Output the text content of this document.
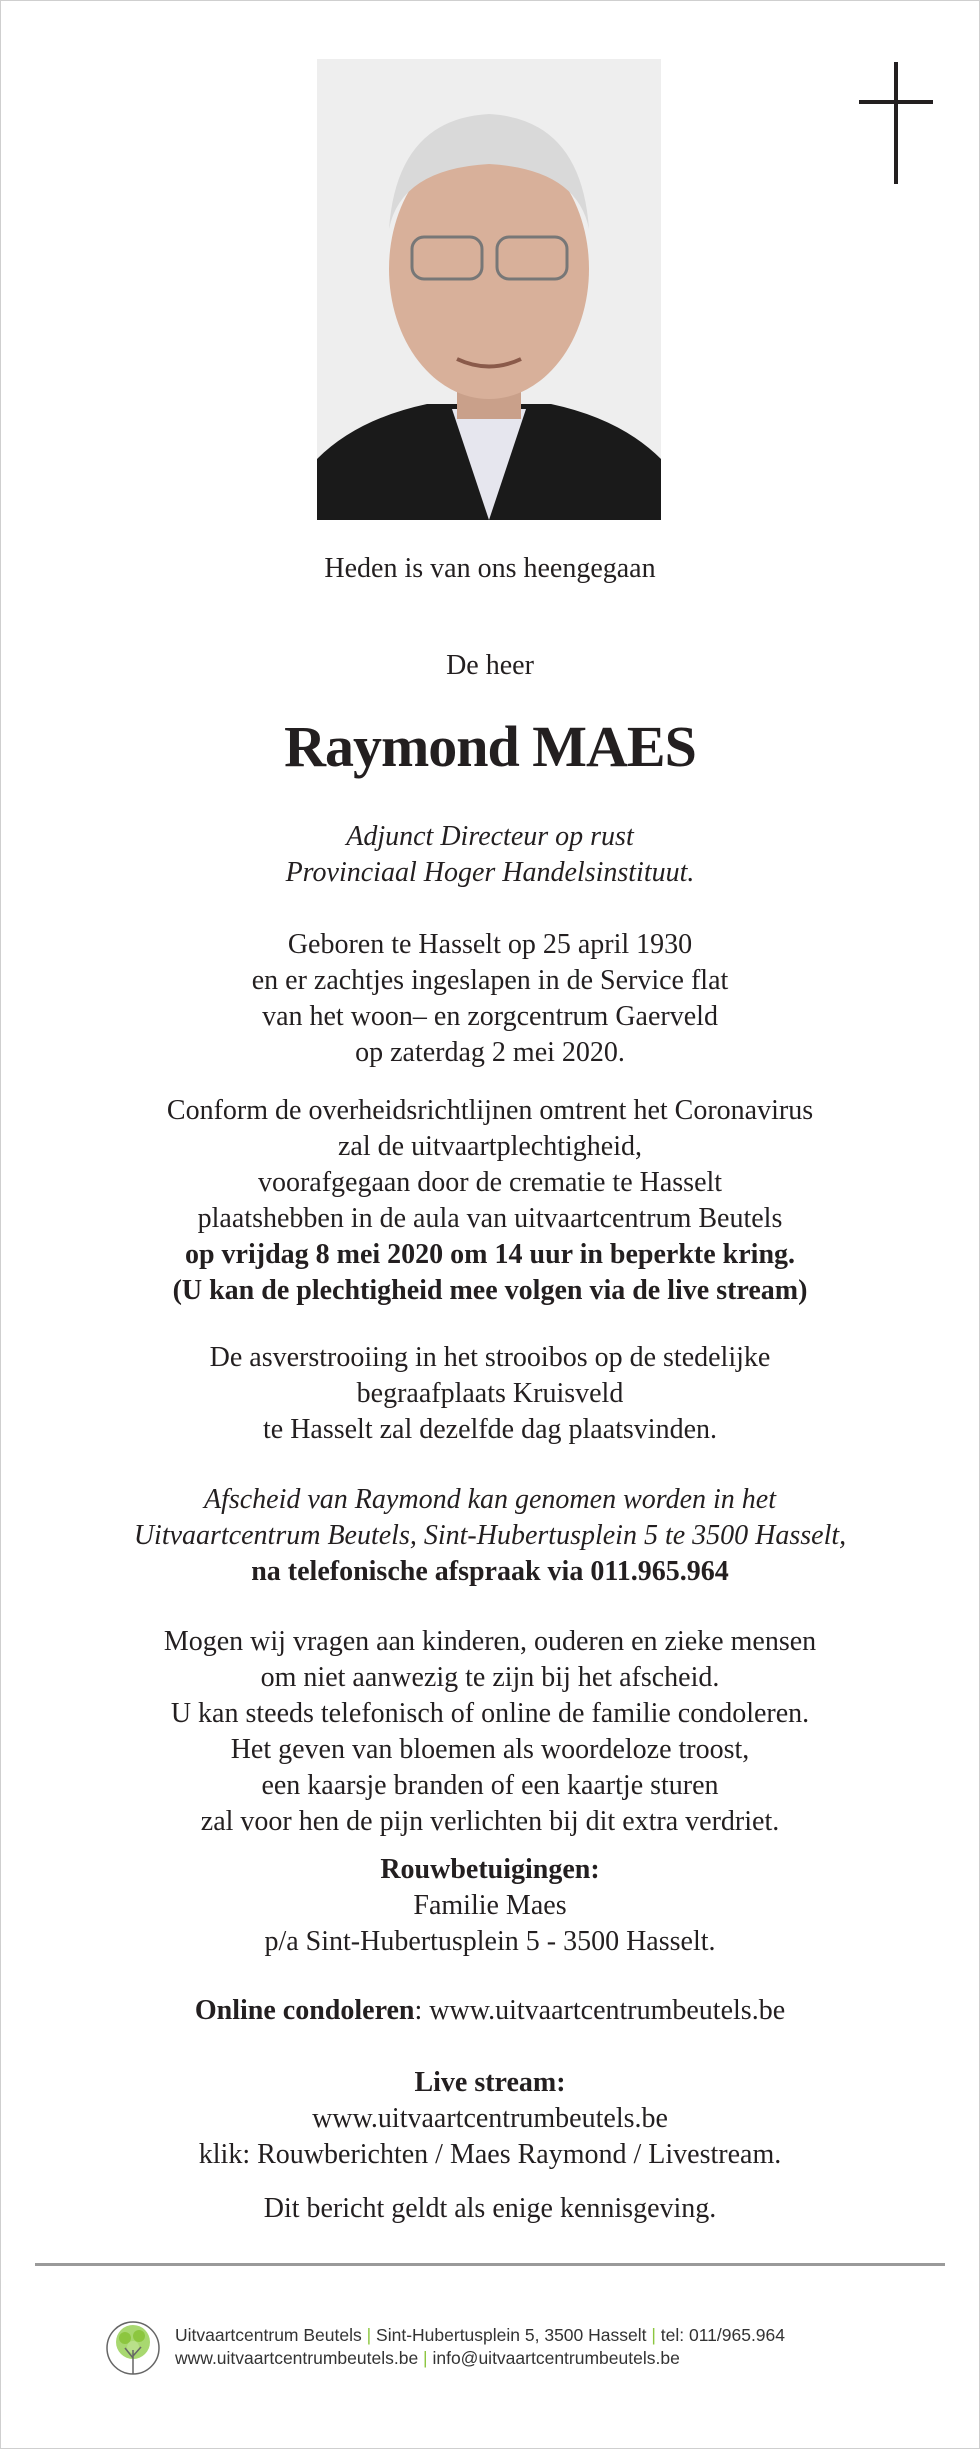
Heden is van ons heengegaan
De heer
Raymond MAES
Adjunct Directeur op rust
Provinciaal Hoger Handelsinstituut.
Geboren te Hasselt op 25 april 1930
en er zachtjes ingeslapen in de Service flat
van het woon– en zorgcentrum Gaerveld
op zaterdag 2 mei 2020.
Conform de overheidsrichtlijnen omtrent het Coronavirus
zal de uitvaartplechtigheid,
voorafgegaan door de crematie te Hasselt
plaatshebben in de aula van uitvaartcentrum Beutels
op vrijdag 8 mei 2020 om 14 uur in beperkte kring.
(U kan de plechtigheid mee volgen via de live stream)
De asverstrooiing in het strooibos op de stedelijke
begraafplaats Kruisveld
te Hasselt zal dezelfde dag plaatsvinden.
Afscheid van Raymond kan genomen worden in het
Uitvaartcentrum Beutels, Sint-Hubertusplein 5 te 3500 Hasselt,
na telefonische afspraak via 011.965.964
Mogen wij vragen aan kinderen, ouderen en zieke mensen
om niet aanwezig te zijn bij het afscheid.
U kan steeds telefonisch of online de familie condoleren.
Het geven van bloemen als woordeloze troost,
een kaarsje branden of een kaartje sturen
zal voor hen de pijn verlichten bij dit extra verdriet.
Rouwbetuigingen:
Familie Maes
p/a Sint-Hubertusplein 5 - 3500 Hasselt.
Online condoleren: www.uitvaartcentrumbeutels.be
Live stream:
www.uitvaartcentrumbeutels.be
klik: Rouwberichten / Maes Raymond / Livestream.
Dit bericht geldt als enige kennisgeving.
Uitvaartcentrum Beutels | Sint-Hubertusplein 5, 3500 Hasselt | tel: 011/965.964
www.uitvaartcentrumbeutels.be | info@uitvaartcentrumbeutels.be
